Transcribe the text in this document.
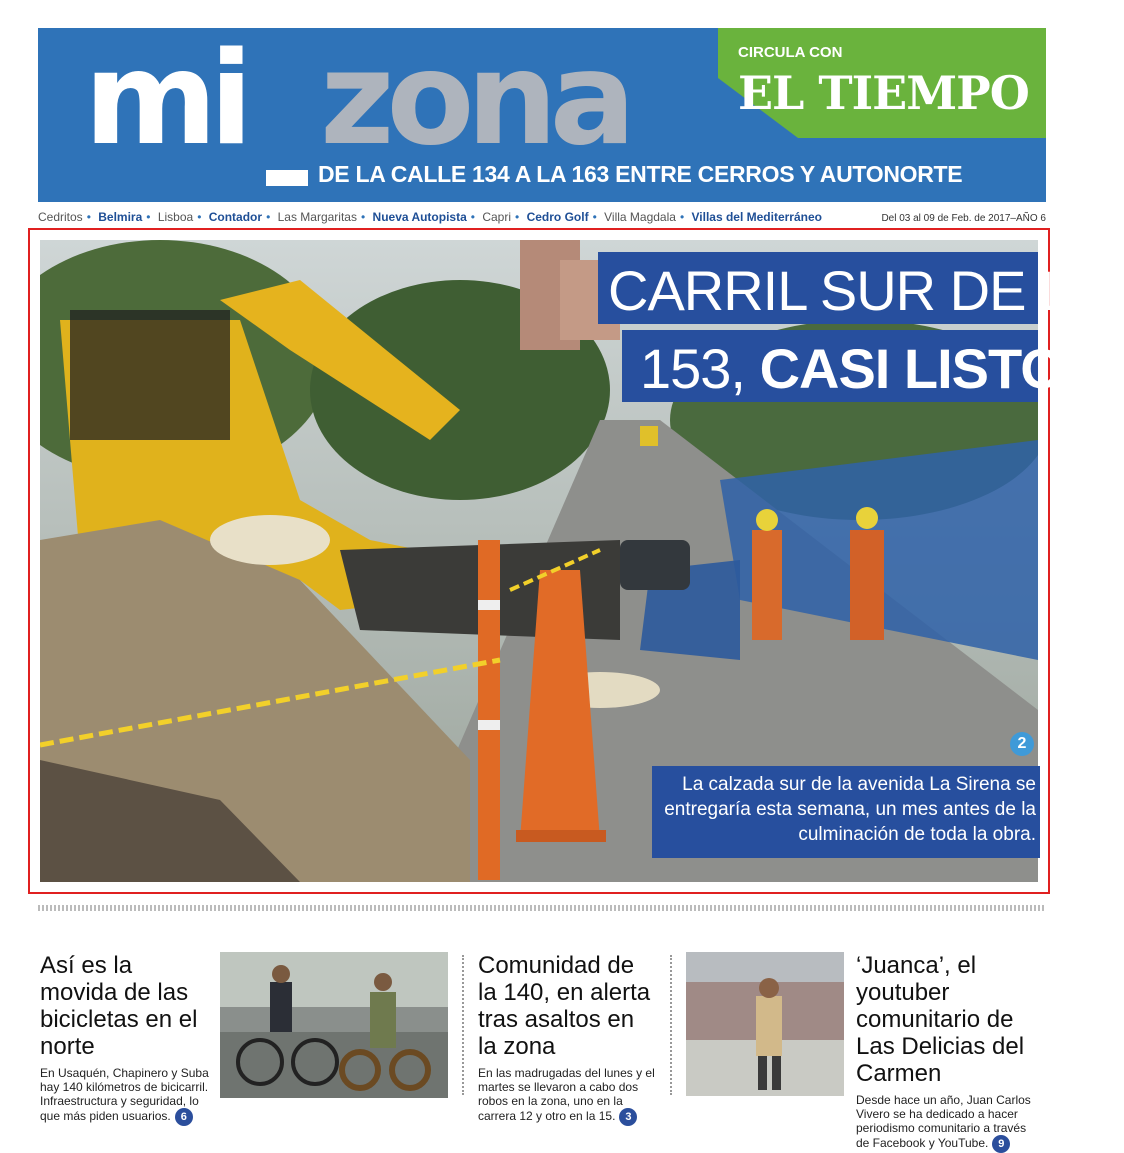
mi zona	CIRCULA CON
EL TIEMPO
DE LA CALLE 134 A LA 163 ENTRE CERROS Y AUTONORTE
Cedritos • Belmira • Lisboa • Contador • Las Margaritas • Nueva Autopista • Capri • Cedro Golf • Villa Magdala • Villas del Mediterráneo	Del 03 al 09 de Feb. de 2017–AÑO 6
CARRIL SUR DE LA
153, CASI LISTO
2
La calzada sur de la avenida La Sirena se entregaría esta semana, un mes antes de la culminación de toda la obra.
Así es la movida de las bicicletas en el norte

En Usaquén, Chapinero y Suba hay 140 kilómetros de bicicarril. Infraestructura y seguridad, lo que más piden usuarios. 6

Comunidad de la 140, en alerta tras asaltos en la zona

En las madrugadas del lunes y el martes se llevaron a cabo dos robos en la zona, uno en la carrera 12 y otro en la 15. 3

‘Juanca’, el youtuber comunitario de Las Delicias del Carmen

Desde hace un año, Juan Carlos Vivero se ha dedicado a hacer periodismo comunitario a través de Facebook y YouTube. 9
